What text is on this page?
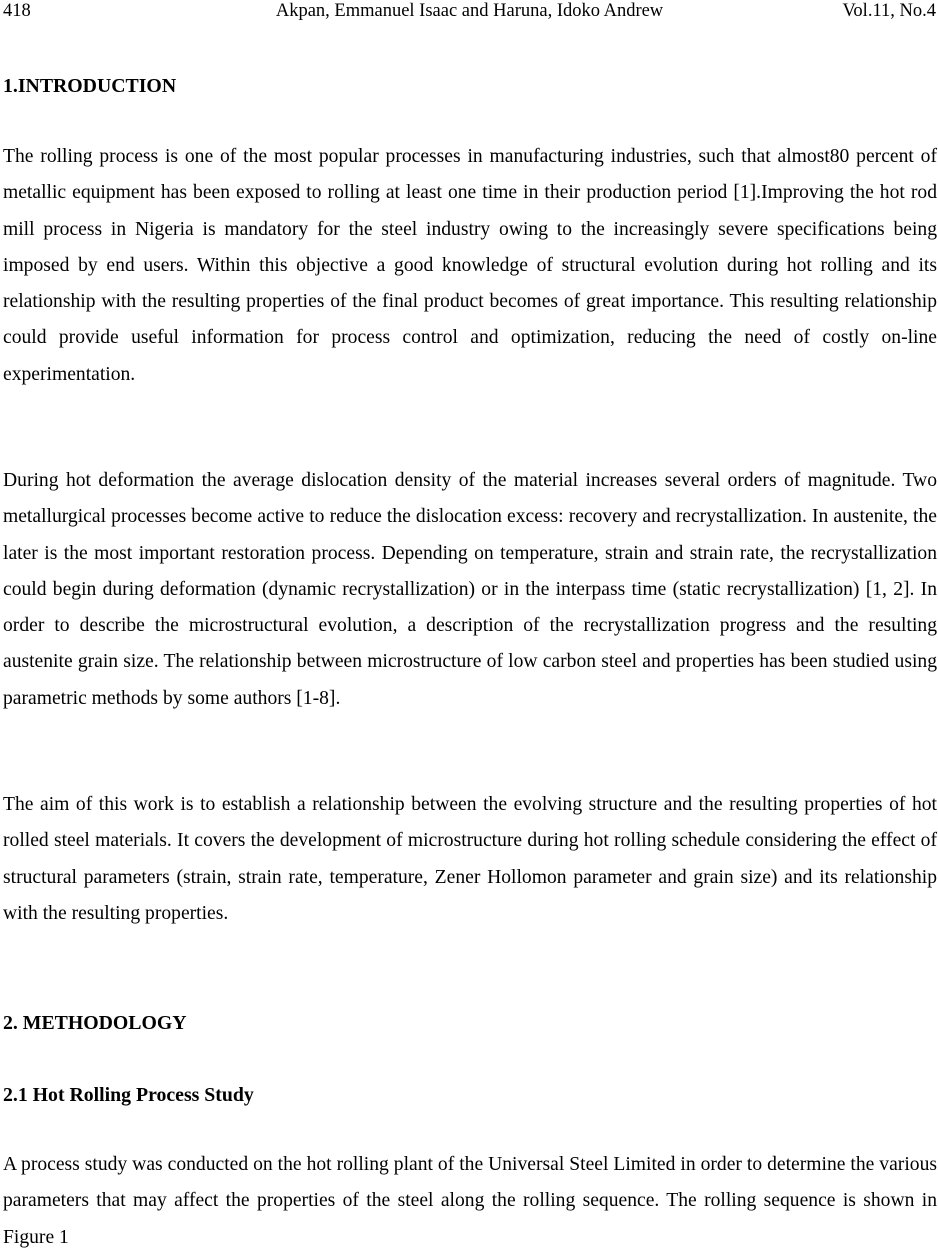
418	Akpan, Emmanuel Isaac and Haruna, Idoko Andrew	Vol.11, No.4
1.INTRODUCTION

The rolling process is one of the most popular processes in manufacturing industries, such that almost80 percent of metallic equipment has been exposed to rolling at least one time in their production period [1].Improving the hot rod mill process in Nigeria is mandatory for the steel industry owing to the increasingly severe specifications being imposed by end users. Within this objective a good knowledge of structural evolution during hot rolling and its relationship with the resulting properties of the final product becomes of great importance. This resulting relationship could provide useful information for process control and optimization, reducing the need of costly on-line experimentation.

During hot deformation the average dislocation density of the material increases several orders of magnitude. Two metallurgical processes become active to reduce the dislocation excess: recovery and recrystallization. In austenite, the later is the most important restoration process. Depending on temperature, strain and strain rate, the recrystallization could begin during deformation (dynamic recrystallization) or in the interpass time (static recrystallization) [1, 2]. In order to describe the microstructural evolution, a description of the recrystallization progress and the resulting austenite grain size. The relationship between microstructure of low carbon steel and properties has been studied using parametric methods by some authors [1-8].

The aim of this work is to establish a relationship between the evolving structure and the resulting properties of hot rolled steel materials. It covers the development of microstructure during hot rolling schedule considering the effect of structural parameters (strain, strain rate, temperature, Zener Hollomon parameter and grain size) and its relationship with the resulting properties.

2. METHODOLOGY
2.1 Hot Rolling Process Study

A process study was conducted on the hot rolling plant of the Universal Steel Limited in order to determine the various parameters that may affect the properties of the steel along the rolling sequence. The rolling sequence is shown in Figure 1
